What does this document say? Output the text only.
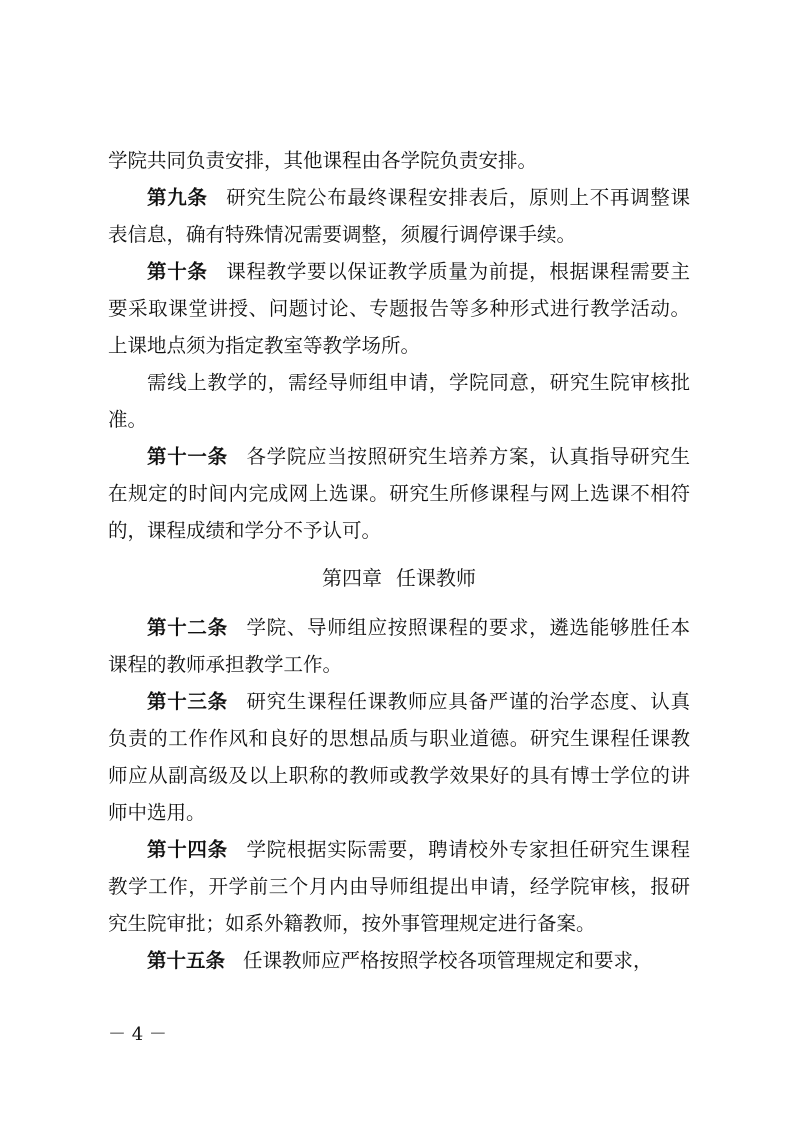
学院共同负责安排，其他课程由各学院负责安排。

第九条 研究生院公布最终课程安排表后，原则上不再调整课表信息，确有特殊情况需要调整，须履行调停课手续。

第十条 课程教学要以保证教学质量为前提，根据课程需要主要采取课堂讲授、问题讨论、专题报告等多种形式进行教学活动。上课地点须为指定教室等教学场所。

需线上教学的，需经导师组申请，学院同意，研究生院审核批准。

第十一条 各学院应当按照研究生培养方案，认真指导研究生在规定的时间内完成网上选课。研究生所修课程与网上选课不相符的，课程成绩和学分不予认可。

第四章 任课教师

第十二条 学院、导师组应按照课程的要求，遴选能够胜任本课程的教师承担教学工作。

第十三条 研究生课程任课教师应具备严谨的治学态度、认真负责的工作作风和良好的思想品质与职业道德。研究生课程任课教师应从副高级及以上职称的教师或教学效果好的具有博士学位的讲师中选用。

第十四条 学院根据实际需要，聘请校外专家担任研究生课程教学工作，开学前三个月内由导师组提出申请，经学院审核，报研究生院审批；如系外籍教师，按外事管理规定进行备案。

第十五条 任课教师应严格按照学校各项管理规定和要求，

－ 4 －
